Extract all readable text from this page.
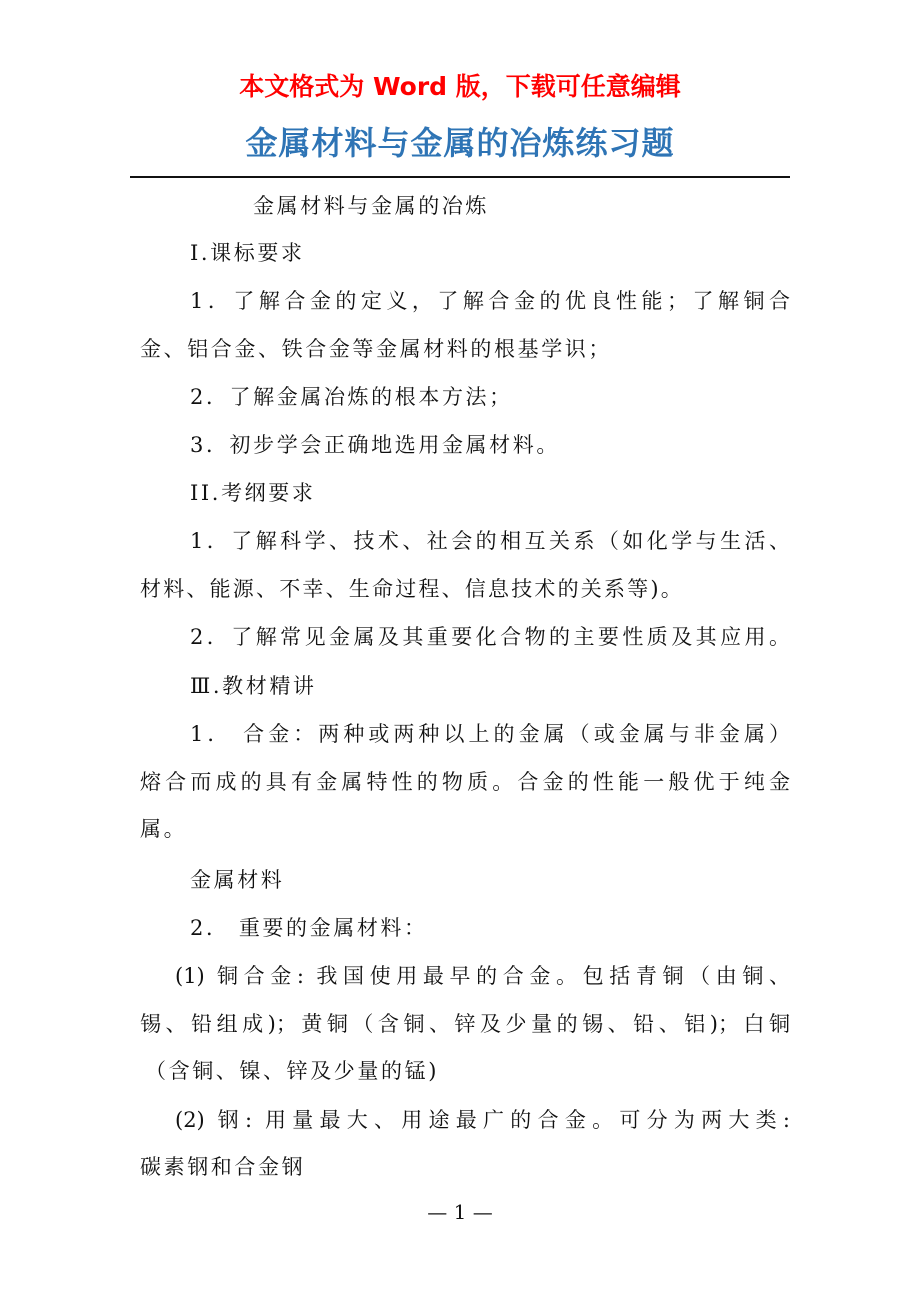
本文格式为 Word 版，下载可任意编辑
金属材料与金属的冶炼练习题
金属材料与金属的冶炼
I.课标要求
1．了解合金的定义，了解合金的优良性能；了解铜合
金、铝合金、铁合金等金属材料的根基学识；
2．了解金属冶炼的根本方法；
3．初步学会正确地选用金属材料。
II.考纲要求
1．了解科学、技术、社会的相互关系（如化学与生活、
材料、能源、不幸、生命过程、信息技术的关系等)。
2．了解常见金属及其重要化合物的主要性质及其应用。
Ⅲ.教材精讲
1． 合金：两种或两种以上的金属（或金属与非金属）
熔合而成的具有金属特性的物质。合金的性能一般优于纯金
属。
金属材料
2． 重要的金属材料：
(1) 铜合金: 我国使用最早的合金。包括青铜（由铜、
锡、铅组成)；黄铜（含铜、锌及少量的锡、铅、铝)；白铜
（含铜、镍、锌及少量的锰)
(2) 钢: 用量最大、用途最广的合金。可分为两大类:
碳素钢和合金钢
— 1 —
